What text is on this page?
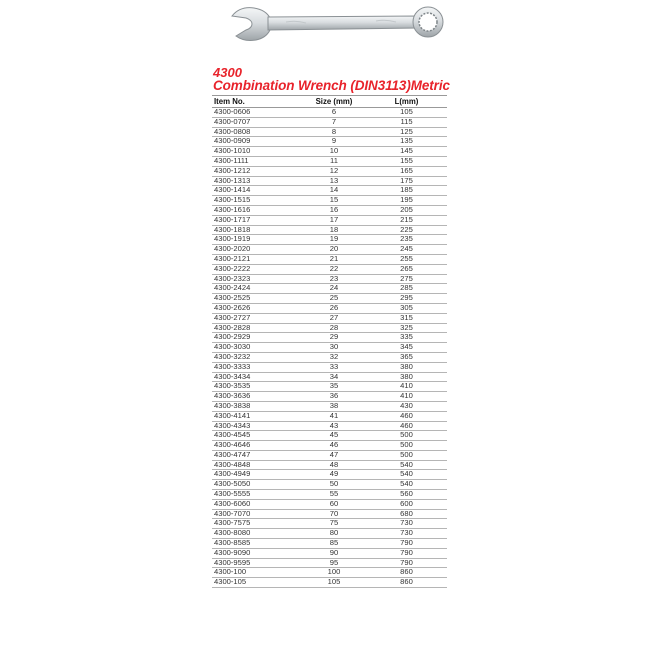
4300
Combination Wrench (DIN3113)Metric
Item No.	Size (mm)	L(mm)
4300-0606	6	105
4300-0707	7	115
4300-0808	8	125
4300-0909	9	135
4300-1010	10	145
4300-1111	11	155
4300-1212	12	165
4300-1313	13	175
4300-1414	14	185
4300-1515	15	195
4300-1616	16	205
4300-1717	17	215
4300-1818	18	225
4300-1919	19	235
4300-2020	20	245
4300-2121	21	255
4300-2222	22	265
4300-2323	23	275
4300-2424	24	285
4300-2525	25	295
4300-2626	26	305
4300-2727	27	315
4300-2828	28	325
4300-2929	29	335
4300-3030	30	345
4300-3232	32	365
4300-3333	33	380
4300-3434	34	380
4300-3535	35	410
4300-3636	36	410
4300-3838	38	430
4300-4141	41	460
4300-4343	43	460
4300-4545	45	500
4300-4646	46	500
4300-4747	47	500
4300-4848	48	540
4300-4949	49	540
4300-5050	50	540
4300-5555	55	560
4300-6060	60	600
4300-7070	70	680
4300-7575	75	730
4300-8080	80	730
4300-8585	85	790
4300-9090	90	790
4300-9595	95	790
4300-100	100	860
4300-105	105	860
